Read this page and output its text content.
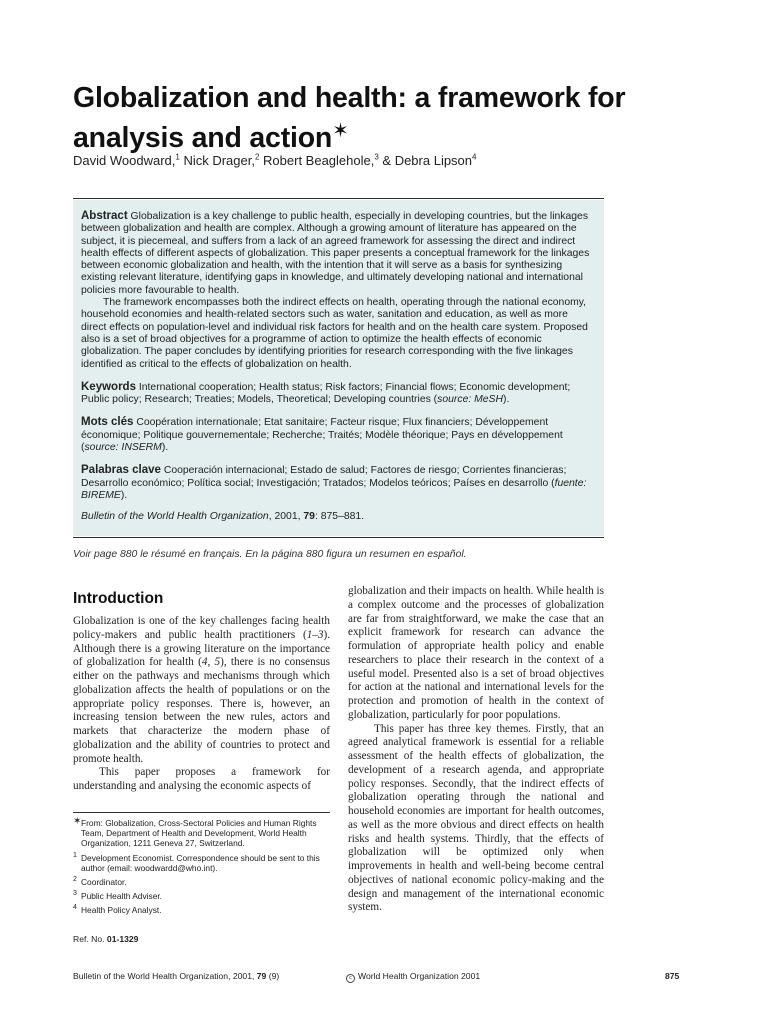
Globalization and health: a framework for analysis and action✶
David Woodward,$^1$ Nick Drager,$^2$ Robert Beaglehole,$^3$ & Debra Lipson$^4$

Abstract Globalization is a key challenge to public health, especially in developing countries, but the linkages between globalization and health are complex. Although a growing amount of literature has appeared on the subject, it is piecemeal, and suffers from a lack of an agreed framework for assessing the direct and indirect health effects of different aspects of globalization. This paper presents a conceptual framework for the linkages between economic globalization and health, with the intention that it will serve as a basis for synthesizing existing relevant literature, identifying gaps in knowledge, and ultimately developing national and international policies more favourable to health.

The framework encompasses both the indirect effects on health, operating through the national economy, household economies and health-related sectors such as water, sanitation and education, as well as more direct effects on population-level and individual risk factors for health and on the health care system. Proposed also is a set of broad objectives for a programme of action to optimize the health effects of economic globalization. The paper concludes by identifying priorities for research corresponding with the five linkages identified as critical to the effects of globalization on health.

Keywords International cooperation; Health status; Risk factors; Financial flows; Economic development; Public policy; Research; Treaties; Models, Theoretical; Developing countries (source: MeSH).

Mots clés Coopération internationale; Etat sanitaire; Facteur risque; Flux financiers; Développement économique; Politique gouvernementale; Recherche; Traités; Modèle théorique; Pays en développement (source: INSERM).

Palabras clave Cooperación internacional; Estado de salud; Factores de riesgo; Corrientes financieras; Desarrollo económico; Política social; Investigación; Tratados; Modelos teóricos; Países en desarrollo (fuente: BIREME).

Bulletin of the World Health Organization, 2001, 79: 875–881.

Voir page 880 le résumé en français. En la página 880 figura un resumen en español.
Introduction

Globalization is one of the key challenges facing health policy-makers and public health practitioners (1–3). Although there is a growing literature on the importance of globalization for health (4, 5), there is no consensus either on the pathways and mechanisms through which globalization affects the health of populations or on the appropriate policy responses. There is, however, an increasing tension between the new rules, actors and markets that characterize the modern phase of globalization and the ability of countries to protect and promote health.

This paper proposes a framework for understanding and analysing the economic aspects of

globalization and their impacts on health. While health is a complex outcome and the processes of globalization are far from straightforward, we make the case that an explicit framework for research can advance the formulation of appropriate health policy and enable researchers to place their research in the context of a useful model. Presented also is a set of broad objectives for action at the national and international levels for the protection and promotion of health in the context of globalization, particularly for poor populations.

This paper has three key themes. Firstly, that an agreed analytical framework is essential for a reliable assessment of the health effects of globalization, the development of a research agenda, and appropriate policy responses. Secondly, that the indirect effects of globalization operating through the national and household economies are important for health outcomes, as well as the more obvious and direct effects on health risks and health systems. Thirdly, that the effects of globalization will be optimized only when improvements in health and well-being become central objectives of national economic policy-making and the design and management of the international economic system.

✶ From: Globalization, Cross-Sectoral Policies and Human Rights Team, Department of Health and Development, World Health Organization, 1211 Geneva 27, Switzerland.

1 Development Economist. Correspondence should be sent to this author (email: woodwardd@who.int).

2 Coordinator.

3 Public Health Adviser.

4 Health Policy Analyst.

Ref. No. 01-1329
Bulletin of the World Health Organization, 2001, 79 (9)	c World Health Organization 2001	875
